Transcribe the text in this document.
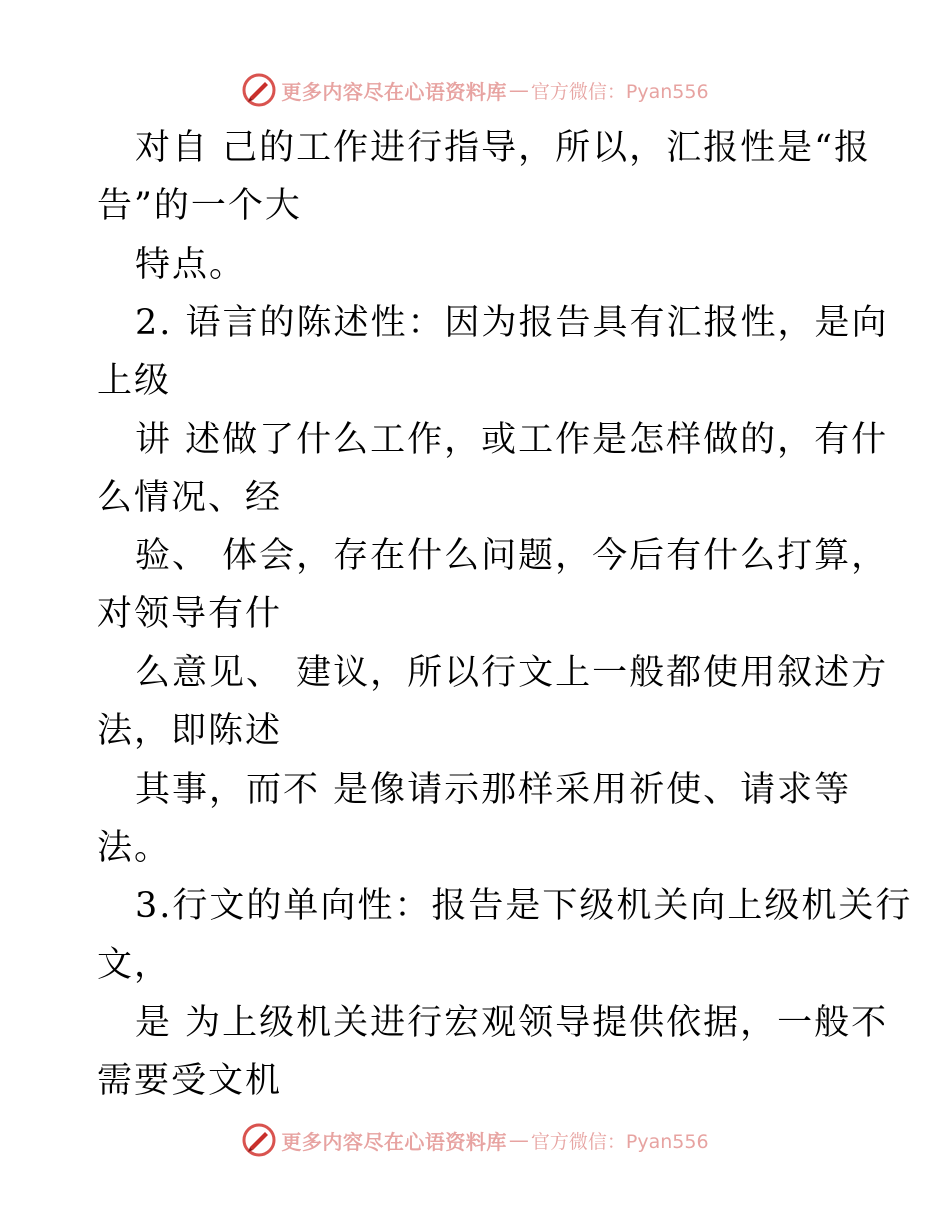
更多内容尽在心语资料库 — 官方微信：Pyan556
对自 己的工作进行指导，所以，汇报性是“报
告”的一个大
特点。
2. 语言的陈述性：因为报告具有汇报性，是向
上级
讲 述做了什么工作，或工作是怎样做的，有什
么情况、经
验、 体会，存在什么问题，今后有什么打算，
对领导有什
么意见、 建议，所以行文上一般都使用叙述方
法，即陈述
其事，而不 是像请示那样采用祈使、请求等
法。
3.行文的单向性：报告是下级机关向上级机关行
文，
是 为上级机关进行宏观领导提供依据，一般不
需要受文机
更多内容尽在心语资料库 — 官方微信：Pyan556
